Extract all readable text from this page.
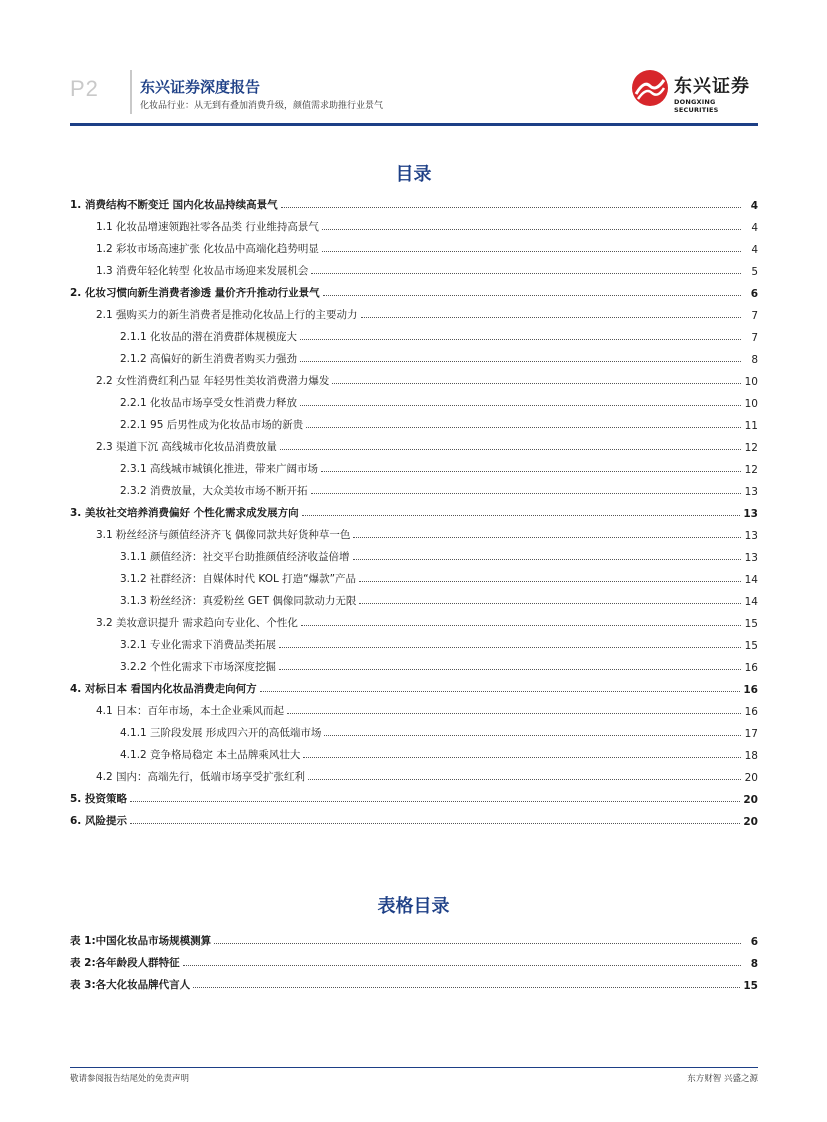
P2	东兴证券深度报告
化妆品行业：从无到有叠加消费升级，颜值需求助推行业景气
东兴证券
DONGXING SECURITIES
目录
1. 消费结构不断变迁 国内化妆品持续高景气	4
1.1 化妆品增速领跑社零各品类 行业维持高景气	4
1.2 彩妆市场高速扩张 化妆品中高端化趋势明显	4
1.3 消费年轻化转型 化妆品市场迎来发展机会	5
2. 化妆习惯向新生消费者渗透 量价齐升推动行业景气	6
2.1 强购买力的新生消费者是推动化妆品上行的主要动力	7
2.1.1 化妆品的潜在消费群体规模庞大	7
2.1.2 高偏好的新生消费者购买力强劲	8
2.2 女性消费红利凸显 年轻男性美妆消费潜力爆发	10
2.2.1 化妆品市场享受女性消费力释放	10
2.2.1 95 后男性成为化妆品市场的新贵	11
2.3 渠道下沉 高线城市化妆品消费放量	12
2.3.1 高线城市城镇化推进，带来广阔市场	12
2.3.2 消费放量，大众美妆市场不断开拓	13
3. 美妆社交培养消费偏好 个性化需求成发展方向	13
3.1 粉丝经济与颜值经济齐飞 偶像同款共好货种草一色	13
3.1.1 颜值经济：社交平台助推颜值经济收益倍增	13
3.1.2 社群经济：自媒体时代 KOL 打造“爆款”产品	14
3.1.3 粉丝经济：真爱粉丝 GET 偶像同款动力无限	14
3.2 美妆意识提升 需求趋向专业化、个性化	15
3.2.1 专业化需求下消费品类拓展	15
3.2.2 个性化需求下市场深度挖掘	16
4. 对标日本 看国内化妆品消费走向何方	16
4.1 日本：百年市场，本土企业乘风而起	16
4.1.1 三阶段发展 形成四六开的高低端市场	17
4.1.2 竞争格局稳定 本土品牌乘风壮大	18
4.2 国内：高端先行，低端市场享受扩张红利	20
5. 投资策略	20
6. 风险提示	20
表格目录
表 1:中国化妆品市场规模测算	6
表 2:各年龄段人群特征	8
表 3:各大化妆品牌代言人	15
敬请参阅报告结尾处的免责声明	东方财智 兴盛之源
